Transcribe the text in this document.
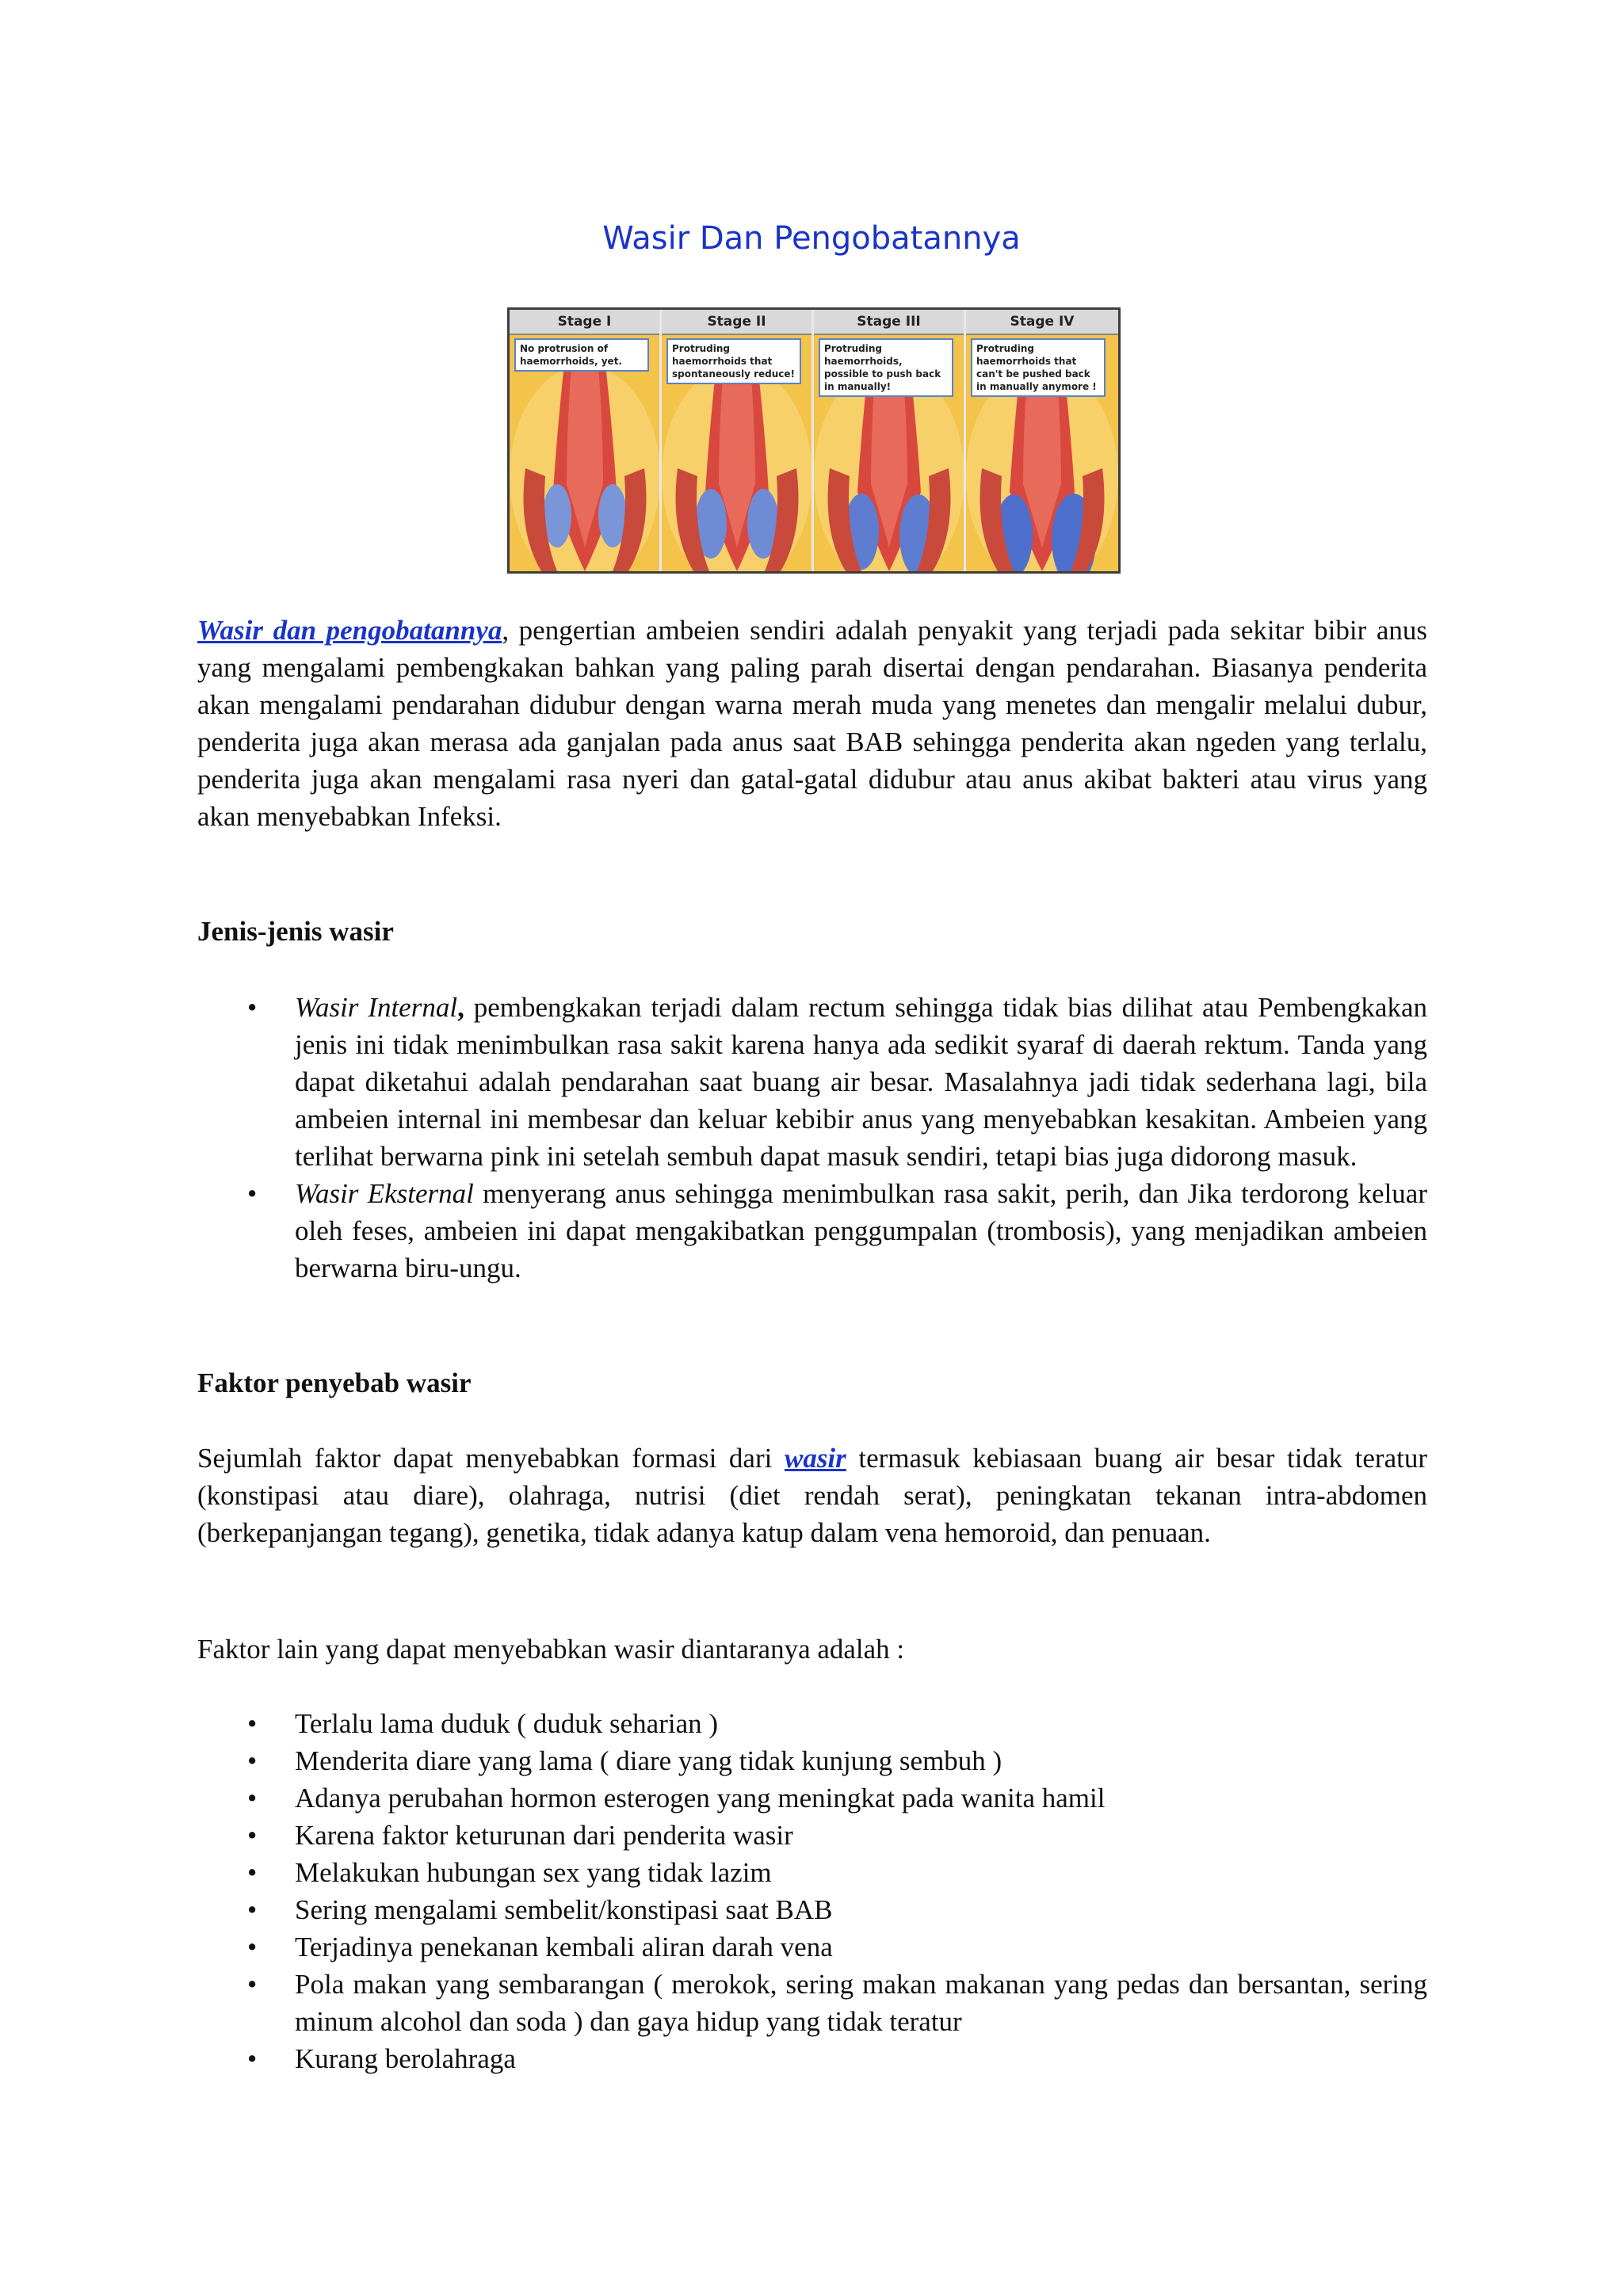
Wasir Dan Pengobatannya
Stage I
No protrusion of haemorrhoids, yet.
Stage II
Protruding haemorrhoids that spontaneously reduce!
Stage III
Protruding haemorrhoids, possible to push back in manually!
Stage IV
Protruding haemorrhoids that can't be pushed back in manually anymore !

Wasir dan pengobatannya, pengertian ambeien sendiri adalah penyakit yang terjadi pada sekitar bibir anus yang mengalami pembengkakan bahkan yang paling parah disertai dengan pendarahan. Biasanya penderita akan mengalami pendarahan didubur dengan warna merah muda yang menetes dan mengalir melalui dubur, penderita juga akan merasa ada ganjalan pada anus saat BAB sehingga penderita akan ngeden yang terlalu, penderita juga akan mengalami rasa nyeri dan gatal-gatal didubur atau anus akibat bakteri atau virus yang akan menyebabkan Infeksi.

Jenis-jenis wasir

• Wasir Internal, pembengkakan terjadi dalam rectum sehingga tidak bias dilihat atau Pembengkakan jenis ini tidak menimbulkan rasa sakit karena hanya ada sedikit syaraf di daerah rektum. Tanda yang dapat diketahui adalah pendarahan saat buang air besar. Masalahnya jadi tidak sederhana lagi, bila ambeien internal ini membesar dan keluar kebibir anus yang menyebabkan kesakitan. Ambeien yang terlihat berwarna pink ini setelah sembuh dapat masuk sendiri, tetapi bias juga didorong masuk.
• Wasir Eksternal menyerang anus sehingga menimbulkan rasa sakit, perih, dan Jika terdorong keluar oleh feses, ambeien ini dapat mengakibatkan penggumpalan (trombosis), yang menjadikan ambeien berwarna biru-ungu.

Faktor penyebab wasir

Sejumlah faktor dapat menyebabkan formasi dari wasir termasuk kebiasaan buang air besar tidak teratur (konstipasi atau diare), olahraga, nutrisi (diet rendah serat), peningkatan tekanan intra-abdomen (berkepanjangan tegang), genetika, tidak adanya katup dalam vena hemoroid, dan penuaan.

Faktor lain yang dapat menyebabkan wasir diantaranya adalah :

• Terlalu lama duduk ( duduk seharian )
• Menderita diare yang lama ( diare yang tidak kunjung sembuh )
• Adanya perubahan hormon esterogen yang meningkat pada wanita hamil
• Karena faktor keturunan dari penderita wasir
• Melakukan hubungan sex yang tidak lazim
• Sering mengalami sembelit/konstipasi saat BAB
• Terjadinya penekanan kembali aliran darah vena
• Pola makan yang sembarangan ( merokok, sering makan makanan yang pedas dan bersantan, sering minum alcohol dan soda ) dan gaya hidup yang tidak teratur
• Kurang berolahraga
